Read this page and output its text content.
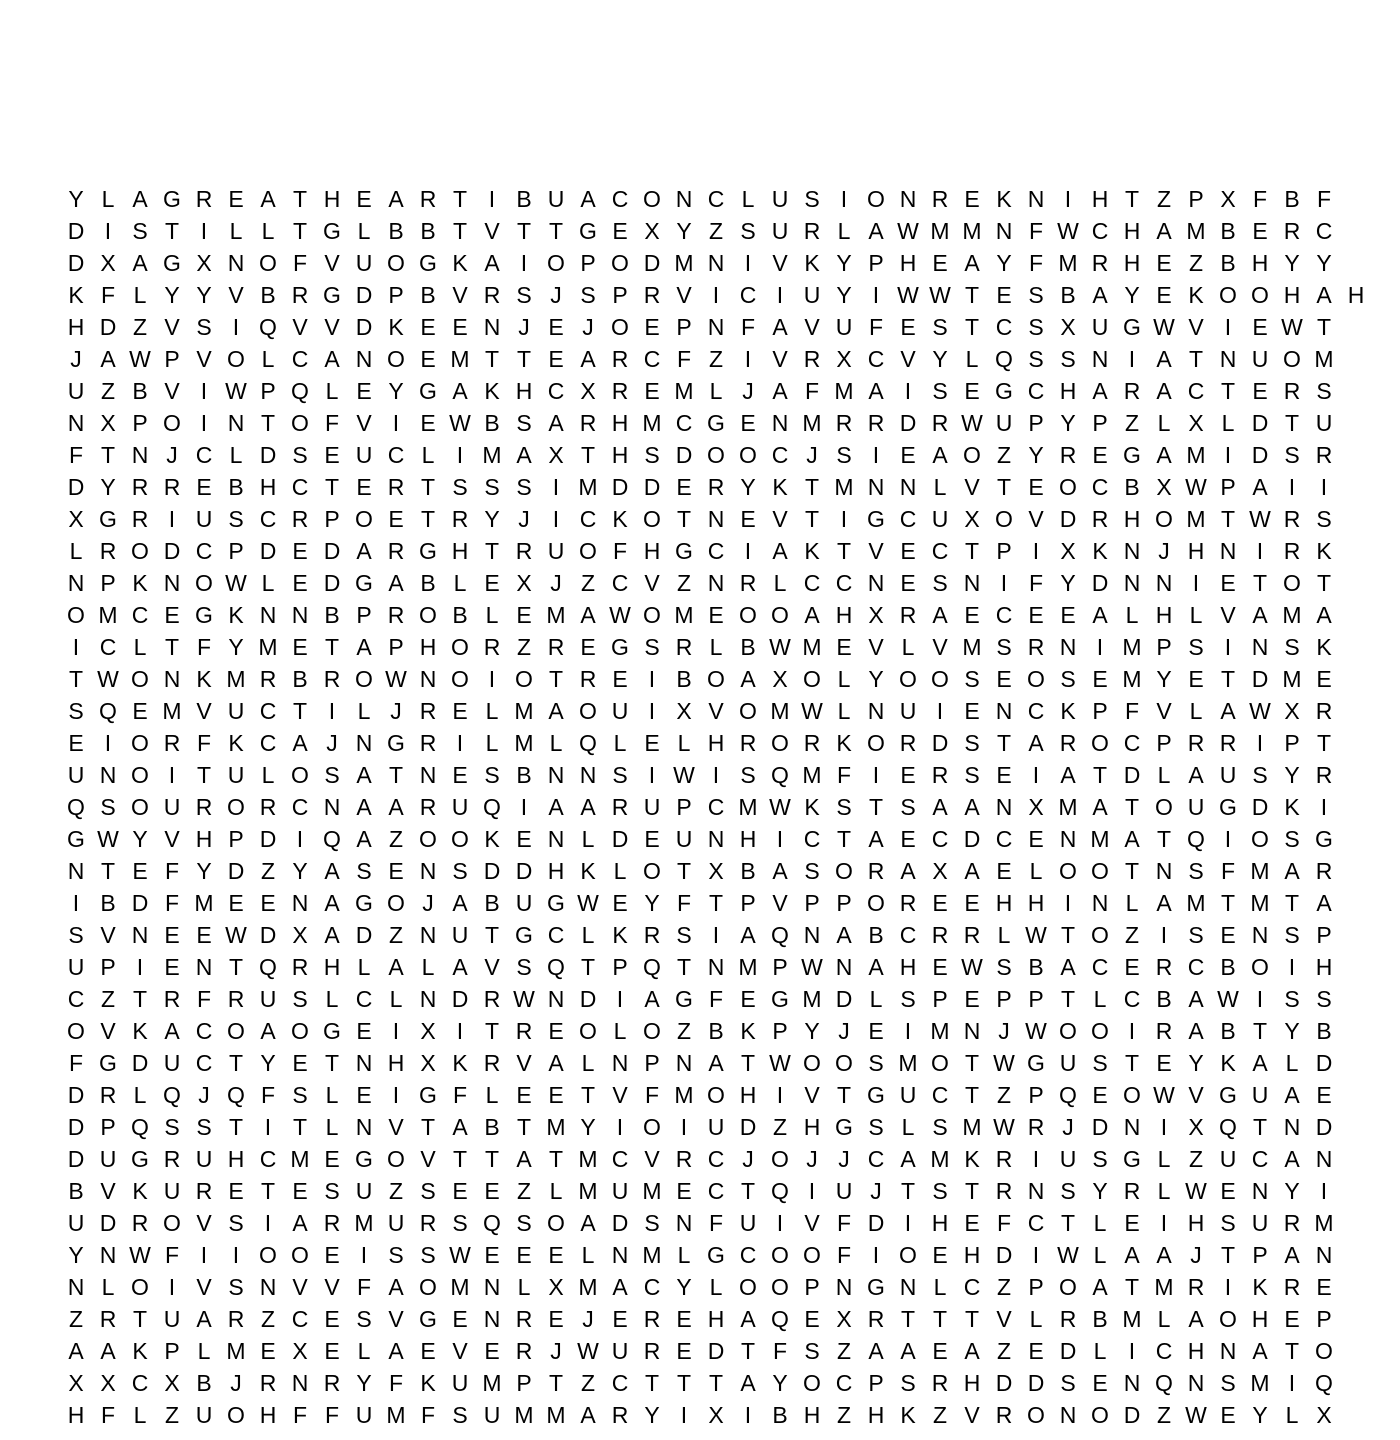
Y L A G R E A T H E A R T I B U A C O N C L U S I O N R E K N I H T Z P X F B F
D I S T I L L T G L B B T V T T G E X Y Z S U R L A W M M N F W C H A M B E R C
D X A G X N O F V U O G K A I O P O D M N I V K Y P H E A Y F M R H E Z B H Y Y
K F L Y Y V B R G D P B V R S J S P R V I C I U Y I W W T E S B A Y E K O O H A H
H D Z V S I Q V V D K E E N J E J O E P N F A V U F E S T C S X U G W V I E W T
J A W P V O L C A N O E M T T E A R C F Z I V R X C V Y L Q S S N I A T N U O M
U Z B V I W P Q L E Y G A K H C X R E M L J A F M A I S E G C H A R A C T E R S
N X P O I N T O F V I E W B S A R H M C G E N M R R D R W U P Y P Z L X L D T U
F T N J C L D S E U C L I M A X T H S D O O C J S I E A O Z Y R E G A M I D S R
D Y R R E B H C T E R T S S S I M D D E R Y K T M N N L V T E O C B X W P A I	I
X G R I U S C R P O E T R Y J	I C K O T N E V T I G C U X O V D R H O M T W R S
L R O D C P D E D A R G H T R U O F H G C I A K T V E C T P I X K N J H N I R K
N P K N O W L E D G A B L E X J Z C V Z N R L C C N E S N I F Y D N N I E T O T
O M C E G K N N B P R O B L E M A W O M E O O A H X R A E C E E A L H L V A M A
I C L T F Y M E T A P H O R Z R E G S R L B W M E V L V M S R N I M P S I N S K
T W O N K M R B R O W N O I O T R E I B O A X O L Y O O S E O S E M Y E T D M E
S Q E M V U C T I L J R E L M A O U I X V O M W L N U I E N C K P F V L A W X R
E I O R F K C A J N G R I L M L Q L E L H R O R K O R D S T A R O C P R R I P T
U N O I T U L O S A T N E S B N N S I W I S Q M F I E R S E I A T D L A U S Y R
Q S O U R O R C N A A R U Q I A A R U P C M W K S T S A A N X M A T O U G D K I
G W Y V H P D I Q A Z O O K E N L D E U N H I C T A E C D C E N M A T Q I O S G
N T E F Y D Z Y A S E N S D D H K L O T X B A S O R A X A E L O O T N S F M A R
I B D F M E E N A G O J A B U G W E Y F T P V P P O R E E H H I N L A M T M T A
S V N E E W D X A D Z N U T G C L K R S I A Q N A B C R R L W T O Z I S E N S P
U P I E N T Q R H L A L A V S Q T P Q T N M P W N A H E W S B A C E R C B O I H
C Z T R F R U S L C L N D R W N D I A G F E G M D L S P E P P T L C B A W I S S
O V K A C O A O G E I X I T R E O L O Z B K P Y J E I M N J W O O I R A B T Y B
F G D U C T Y E T N H X K R V A L N P N A T W O O S M O T W G U S T E Y K A L D
D R L Q J Q F S L E I G F L E E T V F M O H I V T G U C T Z P Q E O W V G U A E
D P Q S S T I T L N V T A B T M Y I O I U D Z H G S L S M W R J D N I X Q T N D
D U G R U H C M E G O V T T A T M C V R C J O J J C A M K R I U S G L Z U C A N
B V K U R E T E S U Z S E E Z L M U M E C T Q I U J T S T R N S Y R L W E N Y I
U D R O V S I A R M U R S Q S O A D S N F U I V F D I H E F C T L E I H S U R M
Y N W F I	I O O E I S S W E E E L N M L G C O O F I O E H D I W L A A J T P A N
N L O I V S N V V F A O M N L X M A C Y L O O P N G N L C Z P O A T M R I K R E
Z R T U A R Z C E S V G E N R E J E R E H A Q E X R T T T V L R B M L A O H E P
A A K P L M E X E L A E V E R J W U R E D T F S Z A A E A Z E D L I C H N A T O
X X C X B J R N R Y F K U M P T Z C T T T A Y O C P S R H D D S E N Q N S M I Q
H F L Z U O H F F U M F S U M M A R Y I X I B H Z H K Z V R O N O D Z W E Y L X
